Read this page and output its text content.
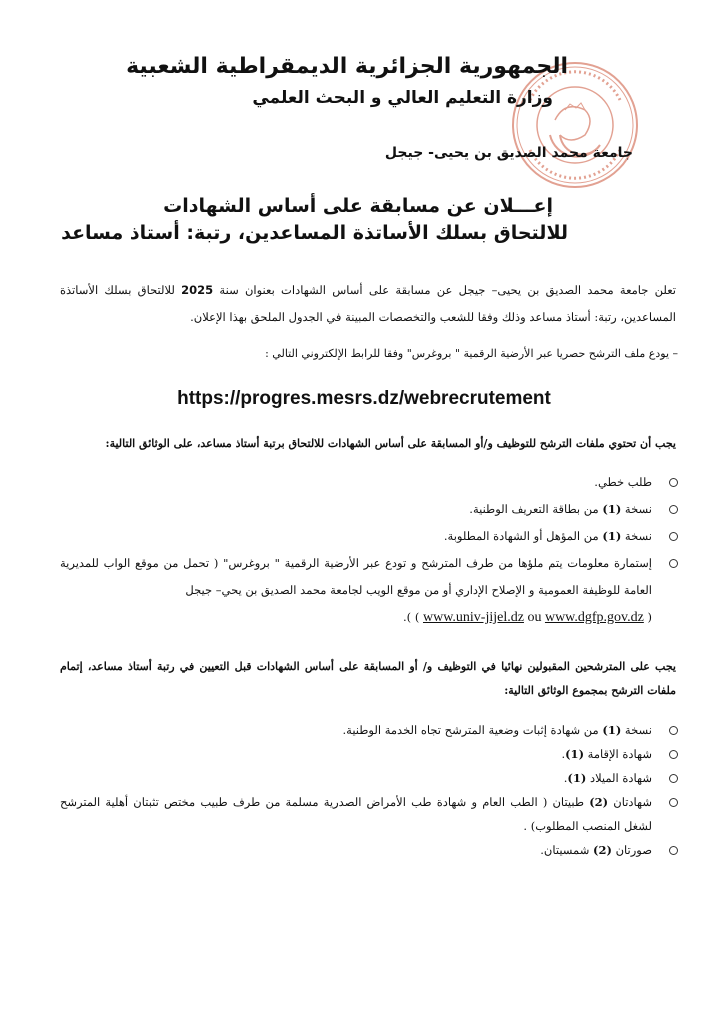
الجمهورية الجزائرية الديمقراطية الشعبية
وزارة التعليم العالي و البحث العلمي
جامعة محمد الصديق بن يحيى- جيجل
إعـــلان عن مسابقة على أساس الشهادات
للالتحاق بسلك الأساتذة المساعدين، رتبة: أستاذ مساعد

تعلن جامعة محمد الصديق بن يحيى– جيجل عن مسابقة على أساس الشهادات بعنوان سنة 2025 للالتحاق بسلك الأساتذة المساعدين، رتبة: أستاذ مساعد وذلك وفقا للشعب والتخصصات المبينة في الجدول الملحق بهذا الإعلان.

– يودع ملف الترشح حصريا عبر الأرضية الرقمية " بروغرس" وفقا للرابط الإلكتروني التالي :
https://progres.mesrs.dz/webrecrutement

يجب أن تحتوي ملفات الترشح للتوظيف و/أو المسابقة على أساس الشهادات للالتحاق برتبة أستاذ مساعد، على الوثائق التالية:

طلب خطي.
نسخة (1) من بطاقة التعريف الوطنية.
نسخة (1) من المؤهل أو الشهادة المطلوبة.
إستمارة معلومات يتم ملؤها من طرف المترشح و تودع عبر الأرضية الرقمية " بروغرس" ( تحمل من موقع الواب للمديرية العامة للوظيفة العمومية و الإصلاح الإداري أو من موقع الويب لجامعة محمد الصديق بن يحي– جيجل
( www.dgfp.gov.dz ou www.univ-jijel.dz ) ).

يجب على المترشحين المقبولين نهائيا في التوظيف و/ أو المسابقة على أساس الشهادات قبل التعيين في رتبة أستاذ مساعد، إتمام ملفات الترشح بمجموع الوثائق التالية:

نسخة (1) من شهادة إثبات وضعية المترشح تجاه الخدمة الوطنية.
شهادة الإقامة (1).
شهادة الميلاد (1).
شهادتان (2) طبيتان ( الطب العام و شهادة طب الأمراض الصدرية مسلمة من طرف طبيب مختص تثبتان أهلية المترشح لشغل المنصب المطلوب) .
صورتان (2) شمسيتان.
